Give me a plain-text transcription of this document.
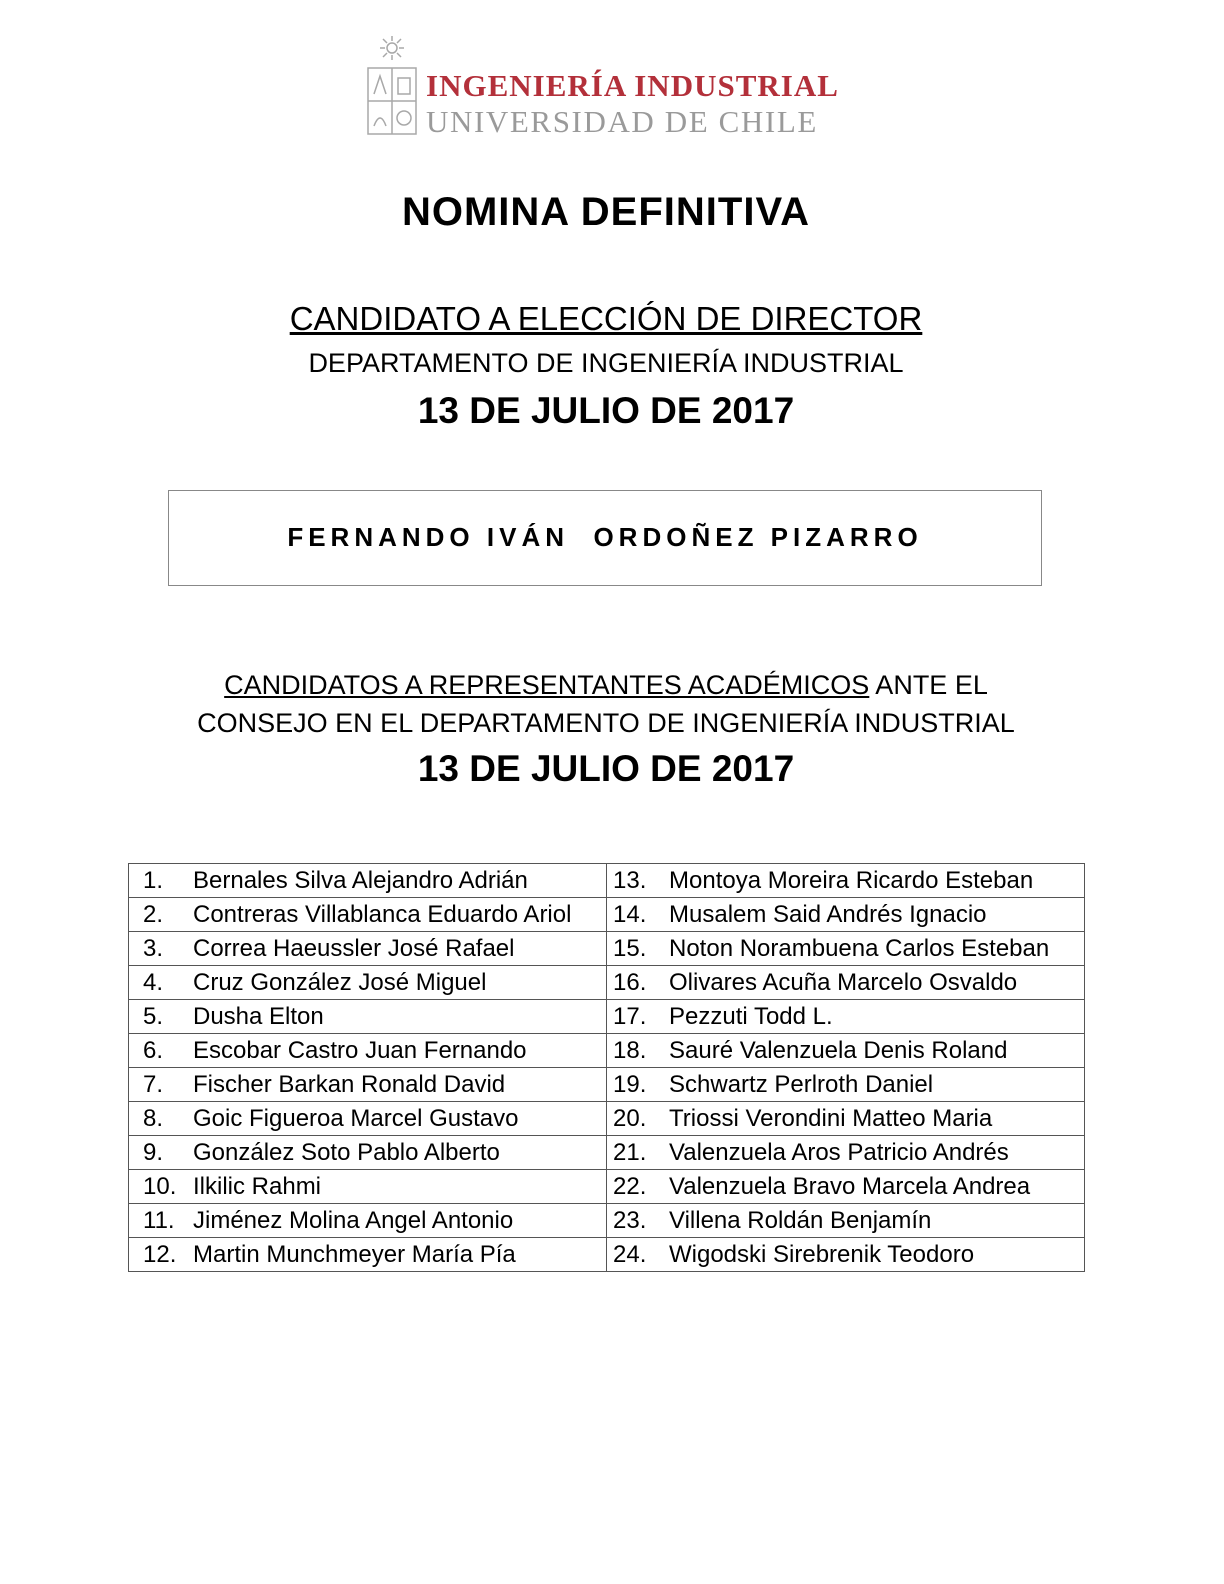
INGENIERÍA INDUSTRIAL
UNIVERSIDAD DE CHILE
NOMINA DEFINITIVA
CANDIDATO A ELECCIÓN DE DIRECTOR
DEPARTAMENTO DE INGENIERÍA INDUSTRIAL
13 DE JULIO DE 2017
FERNANDO IVÁN  ORDOÑEZ PIZARRO
CANDIDATOS A REPRESENTANTES ACADÉMICOS ANTE EL
CONSEJO EN EL DEPARTAMENTO DE INGENIERÍA INDUSTRIAL
13 DE JULIO DE 2017
1. Bernales Silva Alejandro Adrián	13. Montoya Moreira Ricardo Esteban

2. Contreras Villablanca Eduardo Ariol	14. Musalem Said Andrés Ignacio

3. Correa Haeussler José Rafael	15. Noton Norambuena Carlos Esteban

4. Cruz González José Miguel	16. Olivares Acuña Marcelo Osvaldo

5. Dusha Elton	17. Pezzuti Todd L.

6. Escobar Castro Juan Fernando	18. Sauré Valenzuela Denis Roland

7. Fischer Barkan Ronald David	19. Schwartz Perlroth Daniel

8. Goic Figueroa Marcel Gustavo	20. Triossi Verondini Matteo Maria

9. González Soto Pablo Alberto	21. Valenzuela Aros Patricio Andrés

10. Ilkilic Rahmi	22. Valenzuela Bravo Marcela Andrea

11. Jiménez Molina Angel Antonio	23. Villena Roldán Benjamín

12. Martin Munchmeyer María Pía	24. Wigodski Sirebrenik Teodoro
